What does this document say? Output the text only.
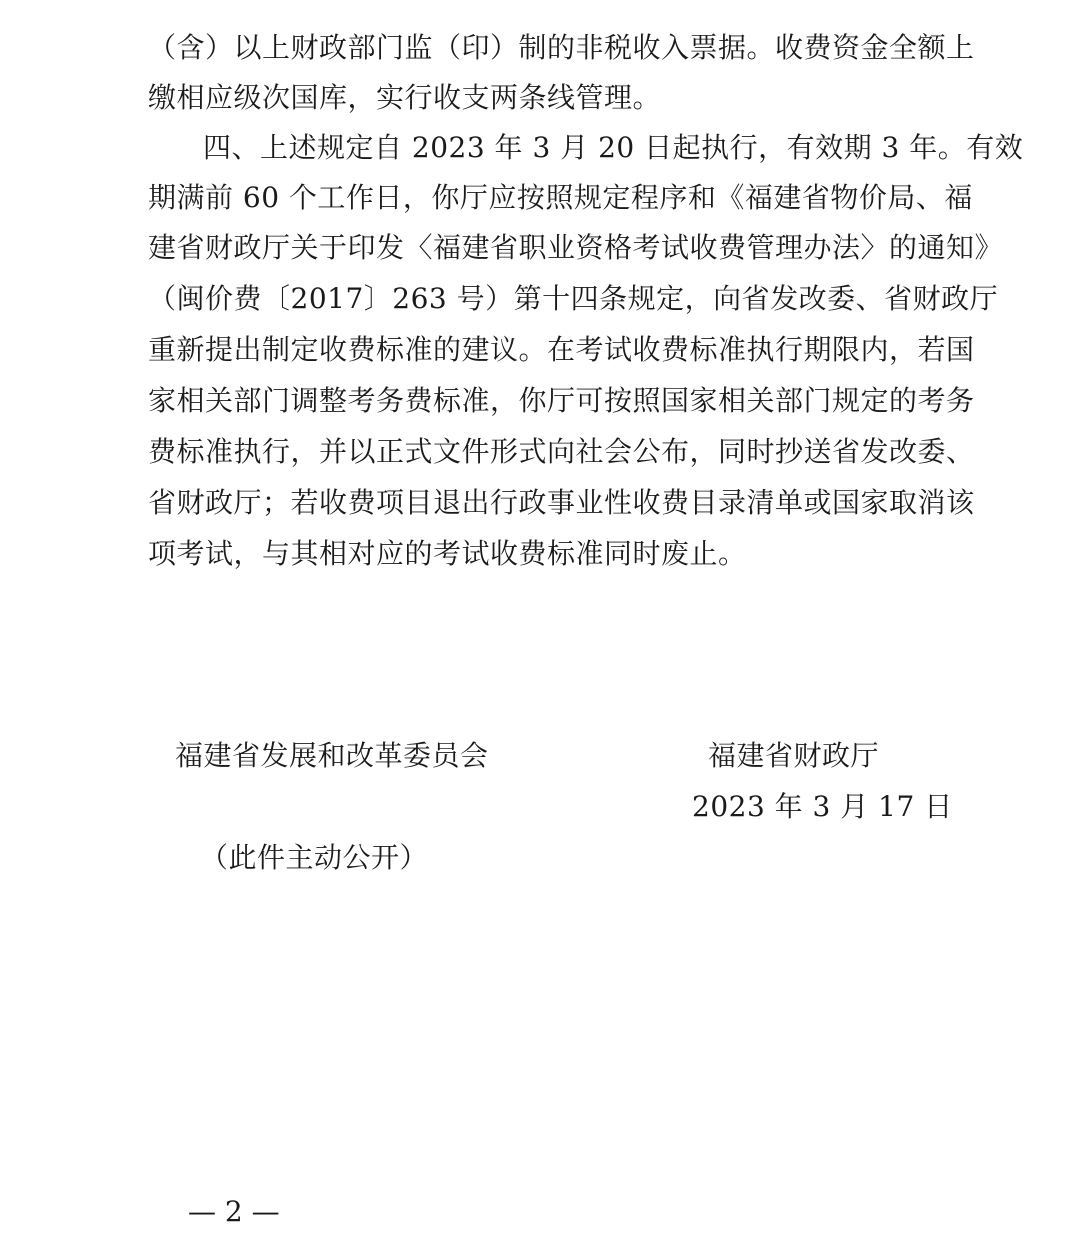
（含）以上财政部门监（印）制的非税收入票据。收费资金全额上
缴相应级次国库，实行收支两条线管理。
四、上述规定自 2023 年 3 月 20 日起执行，有效期 3 年。有效
期满前 60 个工作日，你厅应按照规定程序和《福建省物价局、福
建省财政厅关于印发〈福建省职业资格考试收费管理办法〉的通知》
（闽价费〔2017〕263 号）第十四条规定，向省发改委、省财政厅
重新提出制定收费标准的建议。在考试收费标准执行期限内，若国
家相关部门调整考务费标准，你厅可按照国家相关部门规定的考务
费标准执行，并以正式文件形式向社会公布，同时抄送省发改委、
省财政厅；若收费项目退出行政事业性收费目录清单或国家取消该
项考试，与其相对应的考试收费标准同时废止。
福建省发展和改革委员会	福建省财政厅
2023 年 3 月 17 日
（此件主动公开）
— 2 —
